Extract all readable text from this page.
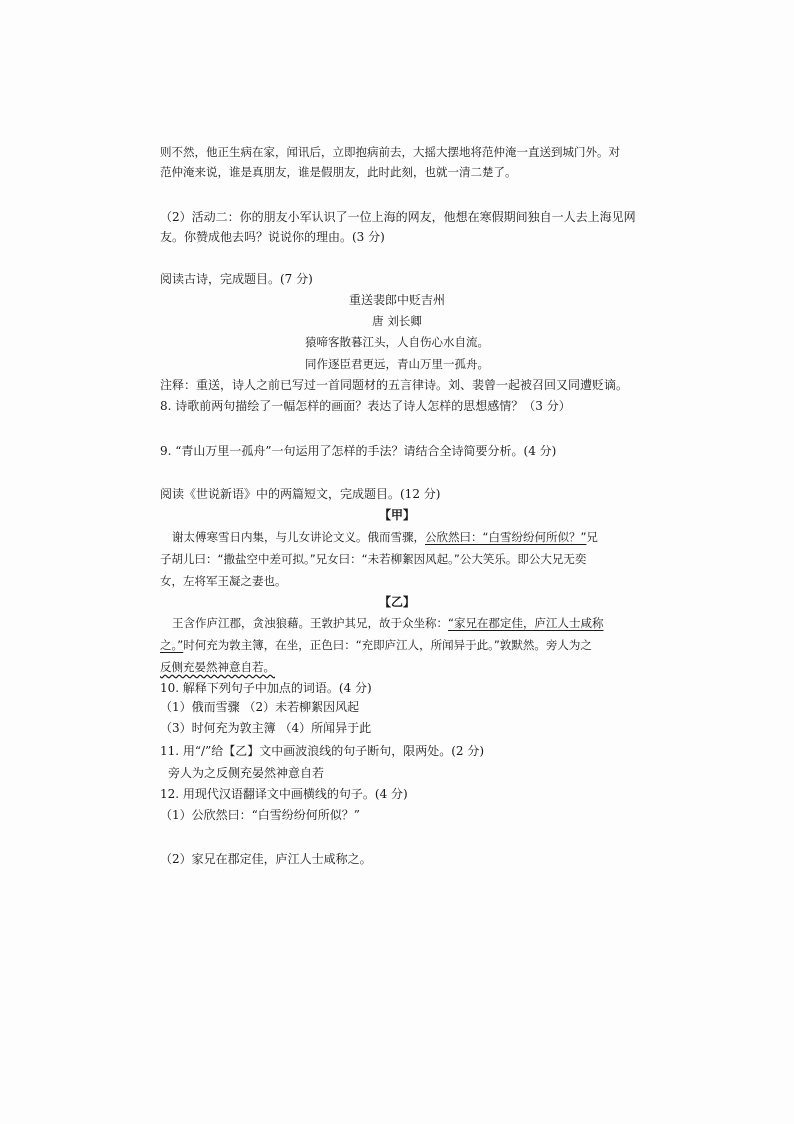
则不然，他正生病在家，闻讯后，立即抱病前去，大摇大摆地将范仲淹一直送到城门外。对
范仲淹来说，谁是真朋友，谁是假朋友，此时此刻，也就一清二楚了。
（2）活动二：你的朋友小军认识了一位上海的网友，他想在寒假期间独自一人去上海见网
友。你赞成他去吗？说说你的理由。(3 分)
阅读古诗，完成题目。(7 分)
重送裴郎中贬吉州
唐 刘长卿
猿啼客散暮江头，人自伤心水自流。
同作逐臣君更远，青山万里一孤舟。
注释：重送，诗人之前已写过一首同题材的五言律诗。刘、裴曾一起被召回又同遭贬谪。
8. 诗歌前两句描绘了一幅怎样的画面？表达了诗人怎样的思想感情？（3 分）
9. “青山万里一孤舟”一句运用了怎样的手法？请结合全诗简要分析。(4 分)
阅读《世说新语》中的两篇短文，完成题目。(12 分)
【甲】
谢太傅寒雪日内集，与儿女讲论文义。俄而雪骤，公欣然曰：“白雪纷纷何所似？”兄
子胡儿曰：“撒盐空中差可拟。”兄女曰：“未若柳絮因风起。”公大笑乐。即公大兄无奕
女，左将军王凝之妻也。
【乙】
王含作庐江郡，贪浊狼藉。王敦护其兄，故于众坐称：“家兄在郡定佳，庐江人士咸称
之。”时何充为敦主簿，在坐，正色曰：“充即庐江人，所闻异于此。”敦默然。旁人为之
反侧充晏然神意自若。
10. 解释下列句子中加点的词语。(4 分)
（1）俄而雪骤 （2）未若柳絮因风起
（3）时何充为敦主簿 （4）所闻异于此
11. 用“/”给【乙】文中画波浪线的句子断句，限两处。(2 分)
旁人为之反侧充晏然神意自若
12. 用现代汉语翻译文中画横线的句子。(4 分)
（1）公欣然曰：“白雪纷纷何所似？”
（2）家兄在郡定佳，庐江人士咸称之。
